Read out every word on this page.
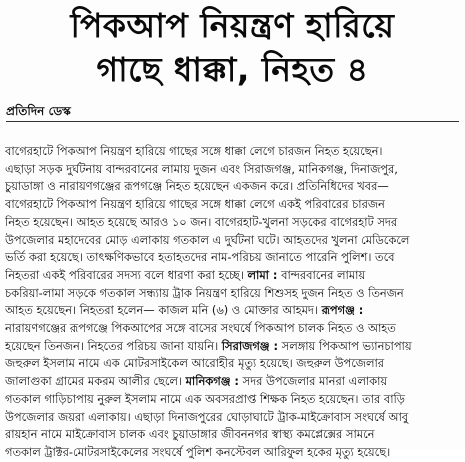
পিকআপ নিয়ন্ত্রণ হারিয়ে
গাছে ধাক্কা, নিহত ৪
প্রতিদিন ডেস্ক
বাগেরহাটে পিকআপ নিয়ন্ত্রণ হারিয়ে গাছের সঙ্গে ধাক্কা লেগে চারজন নিহত হয়েছেন।
এছাড়া সড়ক দুর্ঘটনায় বান্দরবানের লামায় দুজন এবং সিরাজগঞ্জ, মানিকগঞ্জ, দিনাজপুর,
চুয়াডাঙ্গা ও নারায়ণগঞ্জের রূপগঞ্জে নিহত হয়েছেন একজন করে। প্রতিনিধিদের খবর—
বাগেরহাটে পিকআপ নিয়ন্ত্রণ হারিয়ে গাছের সঙ্গে ধাক্কা লেগে একই পরিবারের চারজন
নিহত হয়েছেন। আহত হয়েছে আরও ১০ জন। বাগেরহাট-খুলনা সড়কের বাগেরহাট সদর
উপজেলার মহাদেবের মোড় এলাকায় গতকাল এ দুর্ঘটনা ঘটে। আহতদের খুলনা মেডিকেলে
ভর্তি করা হয়েছে। তাৎক্ষণিকভাবে হতাহতদের নাম-পরিচয় জানাতে পারেনি পুলিশ। তবে
নিহতরা একই পরিবারের সদস্য বলে ধারণা করা হচ্ছে। লামা : বান্দরবানের লামায়
চকরিয়া-লামা সড়কে গতকাল সন্ধ্যায় ট্রাক নিয়ন্ত্রণ হারিয়ে শিশুসহ দুজন নিহত ও তিনজন
আহত হয়েছেন। নিহতরা হলেন— কাজল মনি (৬) ও মোক্তার আহমদ। রূপগঞ্জ :
নারায়ণগঞ্জের রূপগঞ্জে পিকআপের সঙ্গে বাসের সংঘর্ষে পিকআপ চালক নিহত ও আহত
হয়েছেন তিনজন। নিহতের পরিচয় জানা যায়নি। সিরাজগঞ্জ : সলঙ্গায় পিকআপ ভ্যানচাপায়
জহুরুল ইসলাম নামে এক মোটরসাইকেল আরোহীর মৃত্যু হয়েছে। জহুরুল উপজেলার
জালাগুকা গ্রামের মকরম আলীর ছেলে। মানিকগঞ্জ : সদর উপজেলার মানরা এলাকায়
গতকাল গাড়িচাপায় নুরুল ইসলাম নামে এক অবসরপ্রাপ্ত শিক্ষক নিহত হয়েছেন। তার বাড়ি
উপজেলার জয়রা এলাকায়। এছাড়া দিনাজপুরের ঘোড়াঘাটে ট্রাক-মাইক্রোবাস সংঘর্ষে আবু
রায়হান নামে মাইক্রোবাস চালক এবং চুয়াডাঙ্গার জীবননগর স্বাস্থ্য কমপ্লেক্সের সামনে
গতকাল ট্রাক্টর-মোটরসাইকেলের সংঘর্ষে পুলিশ কনস্টেবল আরিফুল হকের মৃত্যু হয়েছে।
